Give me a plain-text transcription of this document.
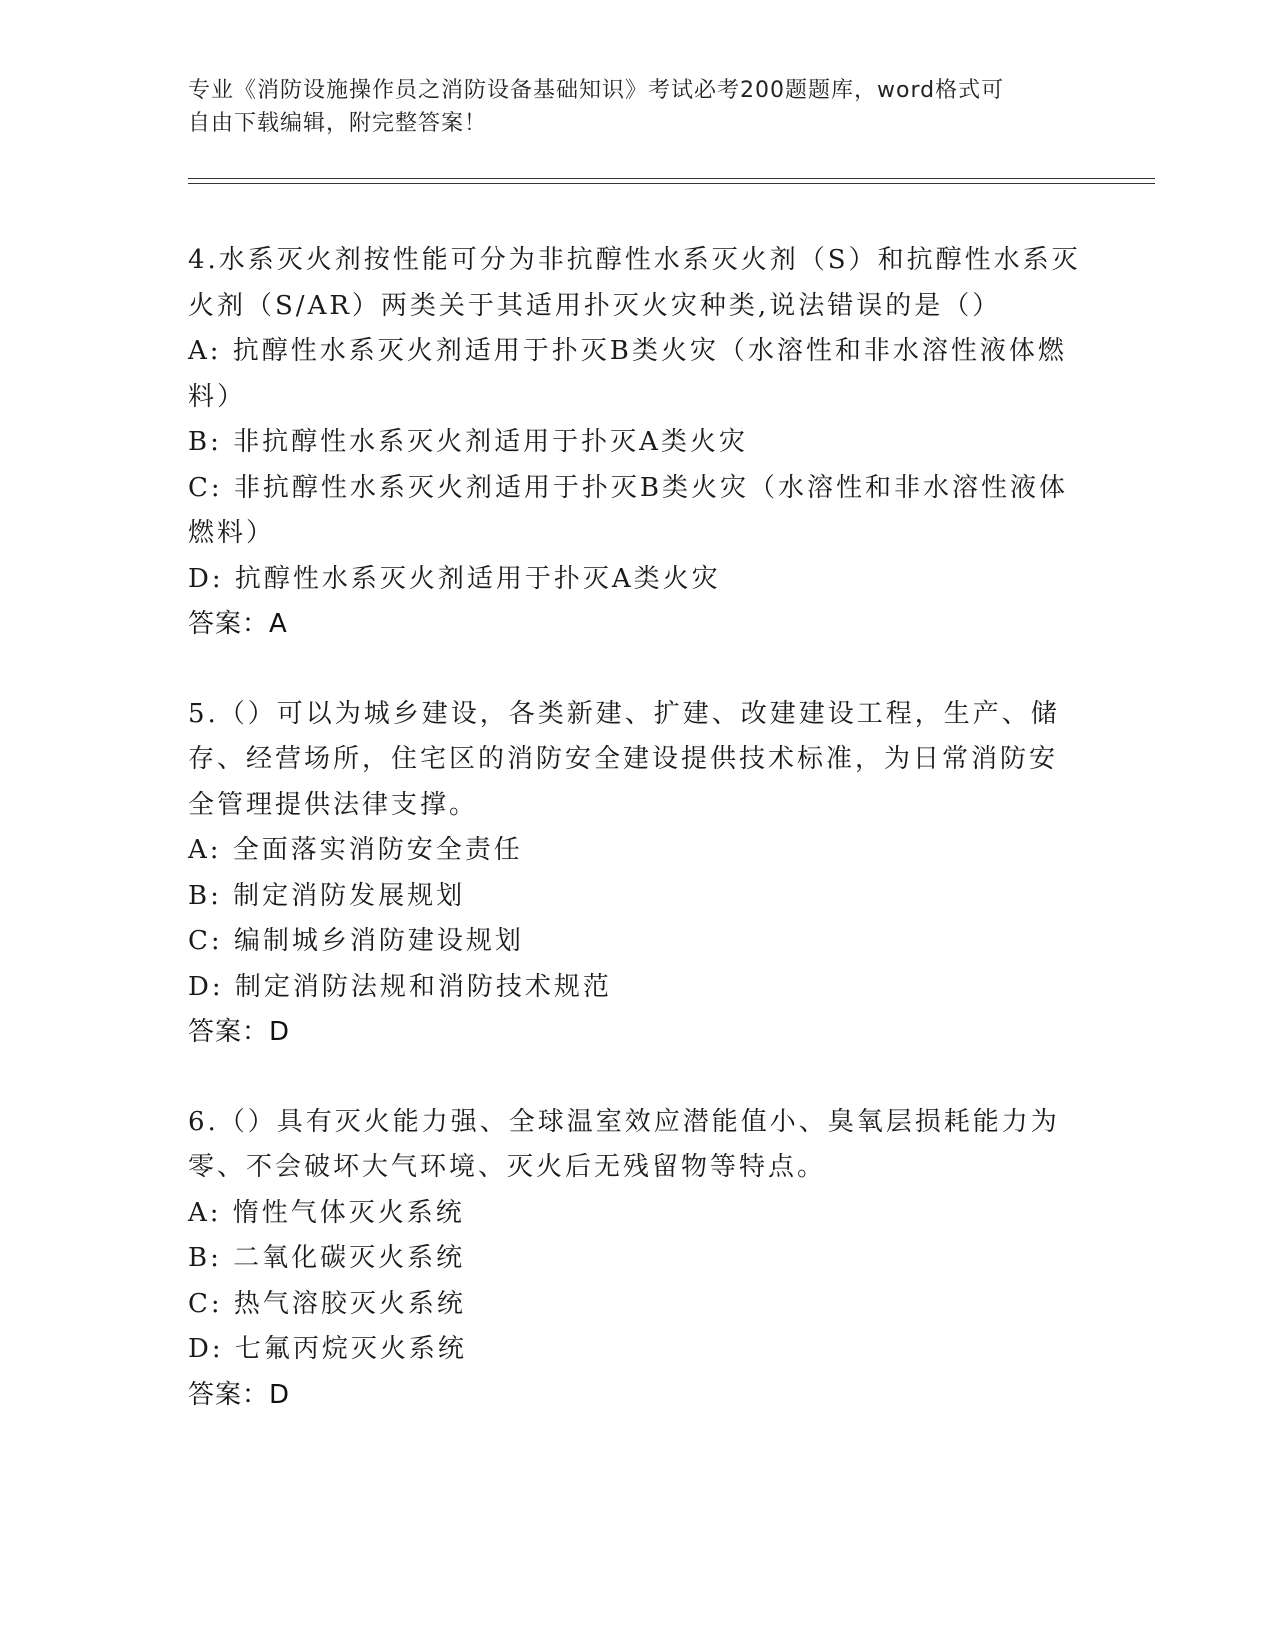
专业《消防设施操作员之消防设备基础知识》考试必考200题题库，word格式可
自由下载编辑，附完整答案！

4.水系灭火剂按性能可分为非抗醇性水系灭火剂（S）和抗醇性水系灭

火剂（S/AR）两类关于其适用扑灭火灾种类,说法错误的是（）

A: 抗醇性水系灭火剂适用于扑灭B类火灾（水溶性和非水溶性液体燃

料）

B: 非抗醇性水系灭火剂适用于扑灭A类火灾

C: 非抗醇性水系灭火剂适用于扑灭B类火灾（水溶性和非水溶性液体

燃料）

D: 抗醇性水系灭火剂适用于扑灭A类火灾

答案：A

5.（）可以为城乡建设，各类新建、扩建、改建建设工程，生产、储

存、经营场所，住宅区的消防安全建设提供技术标准，为日常消防安

全管理提供法律支撑。

A: 全面落实消防安全责任

B: 制定消防发展规划

C: 编制城乡消防建设规划

D: 制定消防法规和消防技术规范

答案：D

6.（）具有灭火能力强、全球温室效应潜能值小、臭氧层损耗能力为

零、不会破坏大气环境、灭火后无残留物等特点。

A: 惰性气体灭火系统

B: 二氧化碳灭火系统

C: 热气溶胶灭火系统

D: 七氟丙烷灭火系统

答案：D
